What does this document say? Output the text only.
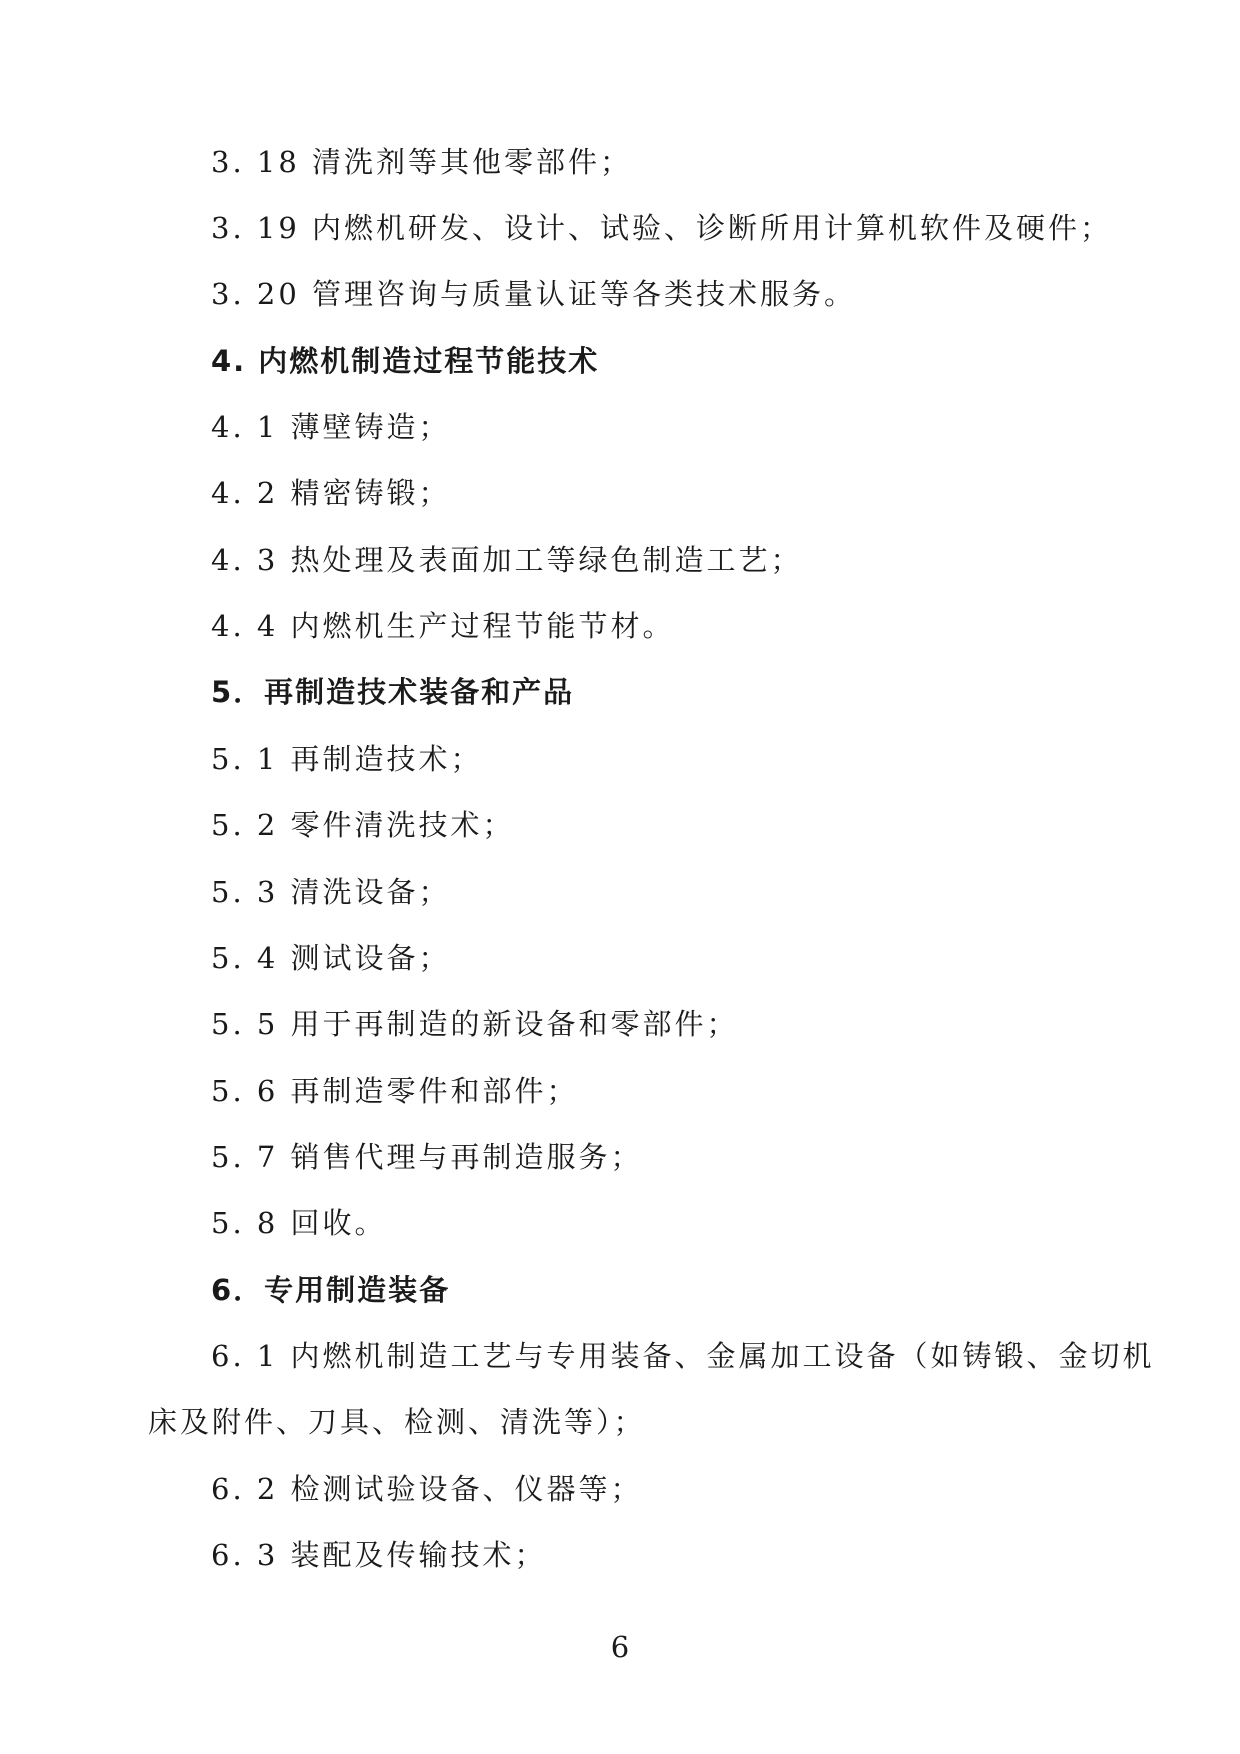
3. 18 清洗剂等其他零部件；
3. 19 内燃机研发、设计、试验、诊断所用计算机软件及硬件；
3. 20 管理咨询与质量认证等各类技术服务。
4. 内燃机制造过程节能技术
4. 1 薄壁铸造；
4. 2 精密铸锻；
4. 3 热处理及表面加工等绿色制造工艺；
4. 4 内燃机生产过程节能节材。
5．再制造技术装备和产品
5. 1 再制造技术；
5. 2 零件清洗技术；
5. 3 清洗设备；
5. 4 测试设备；
5. 5 用于再制造的新设备和零部件；
5. 6 再制造零件和部件；
5. 7 销售代理与再制造服务；
5. 8 回收。
6．专用制造装备
6. 1 内燃机制造工艺与专用装备、金属加工设备（如铸锻、金切机
床及附件、刀具、检测、清洗等）；
6. 2 检测试验设备、仪器等；
6. 3 装配及传输技术；
6
